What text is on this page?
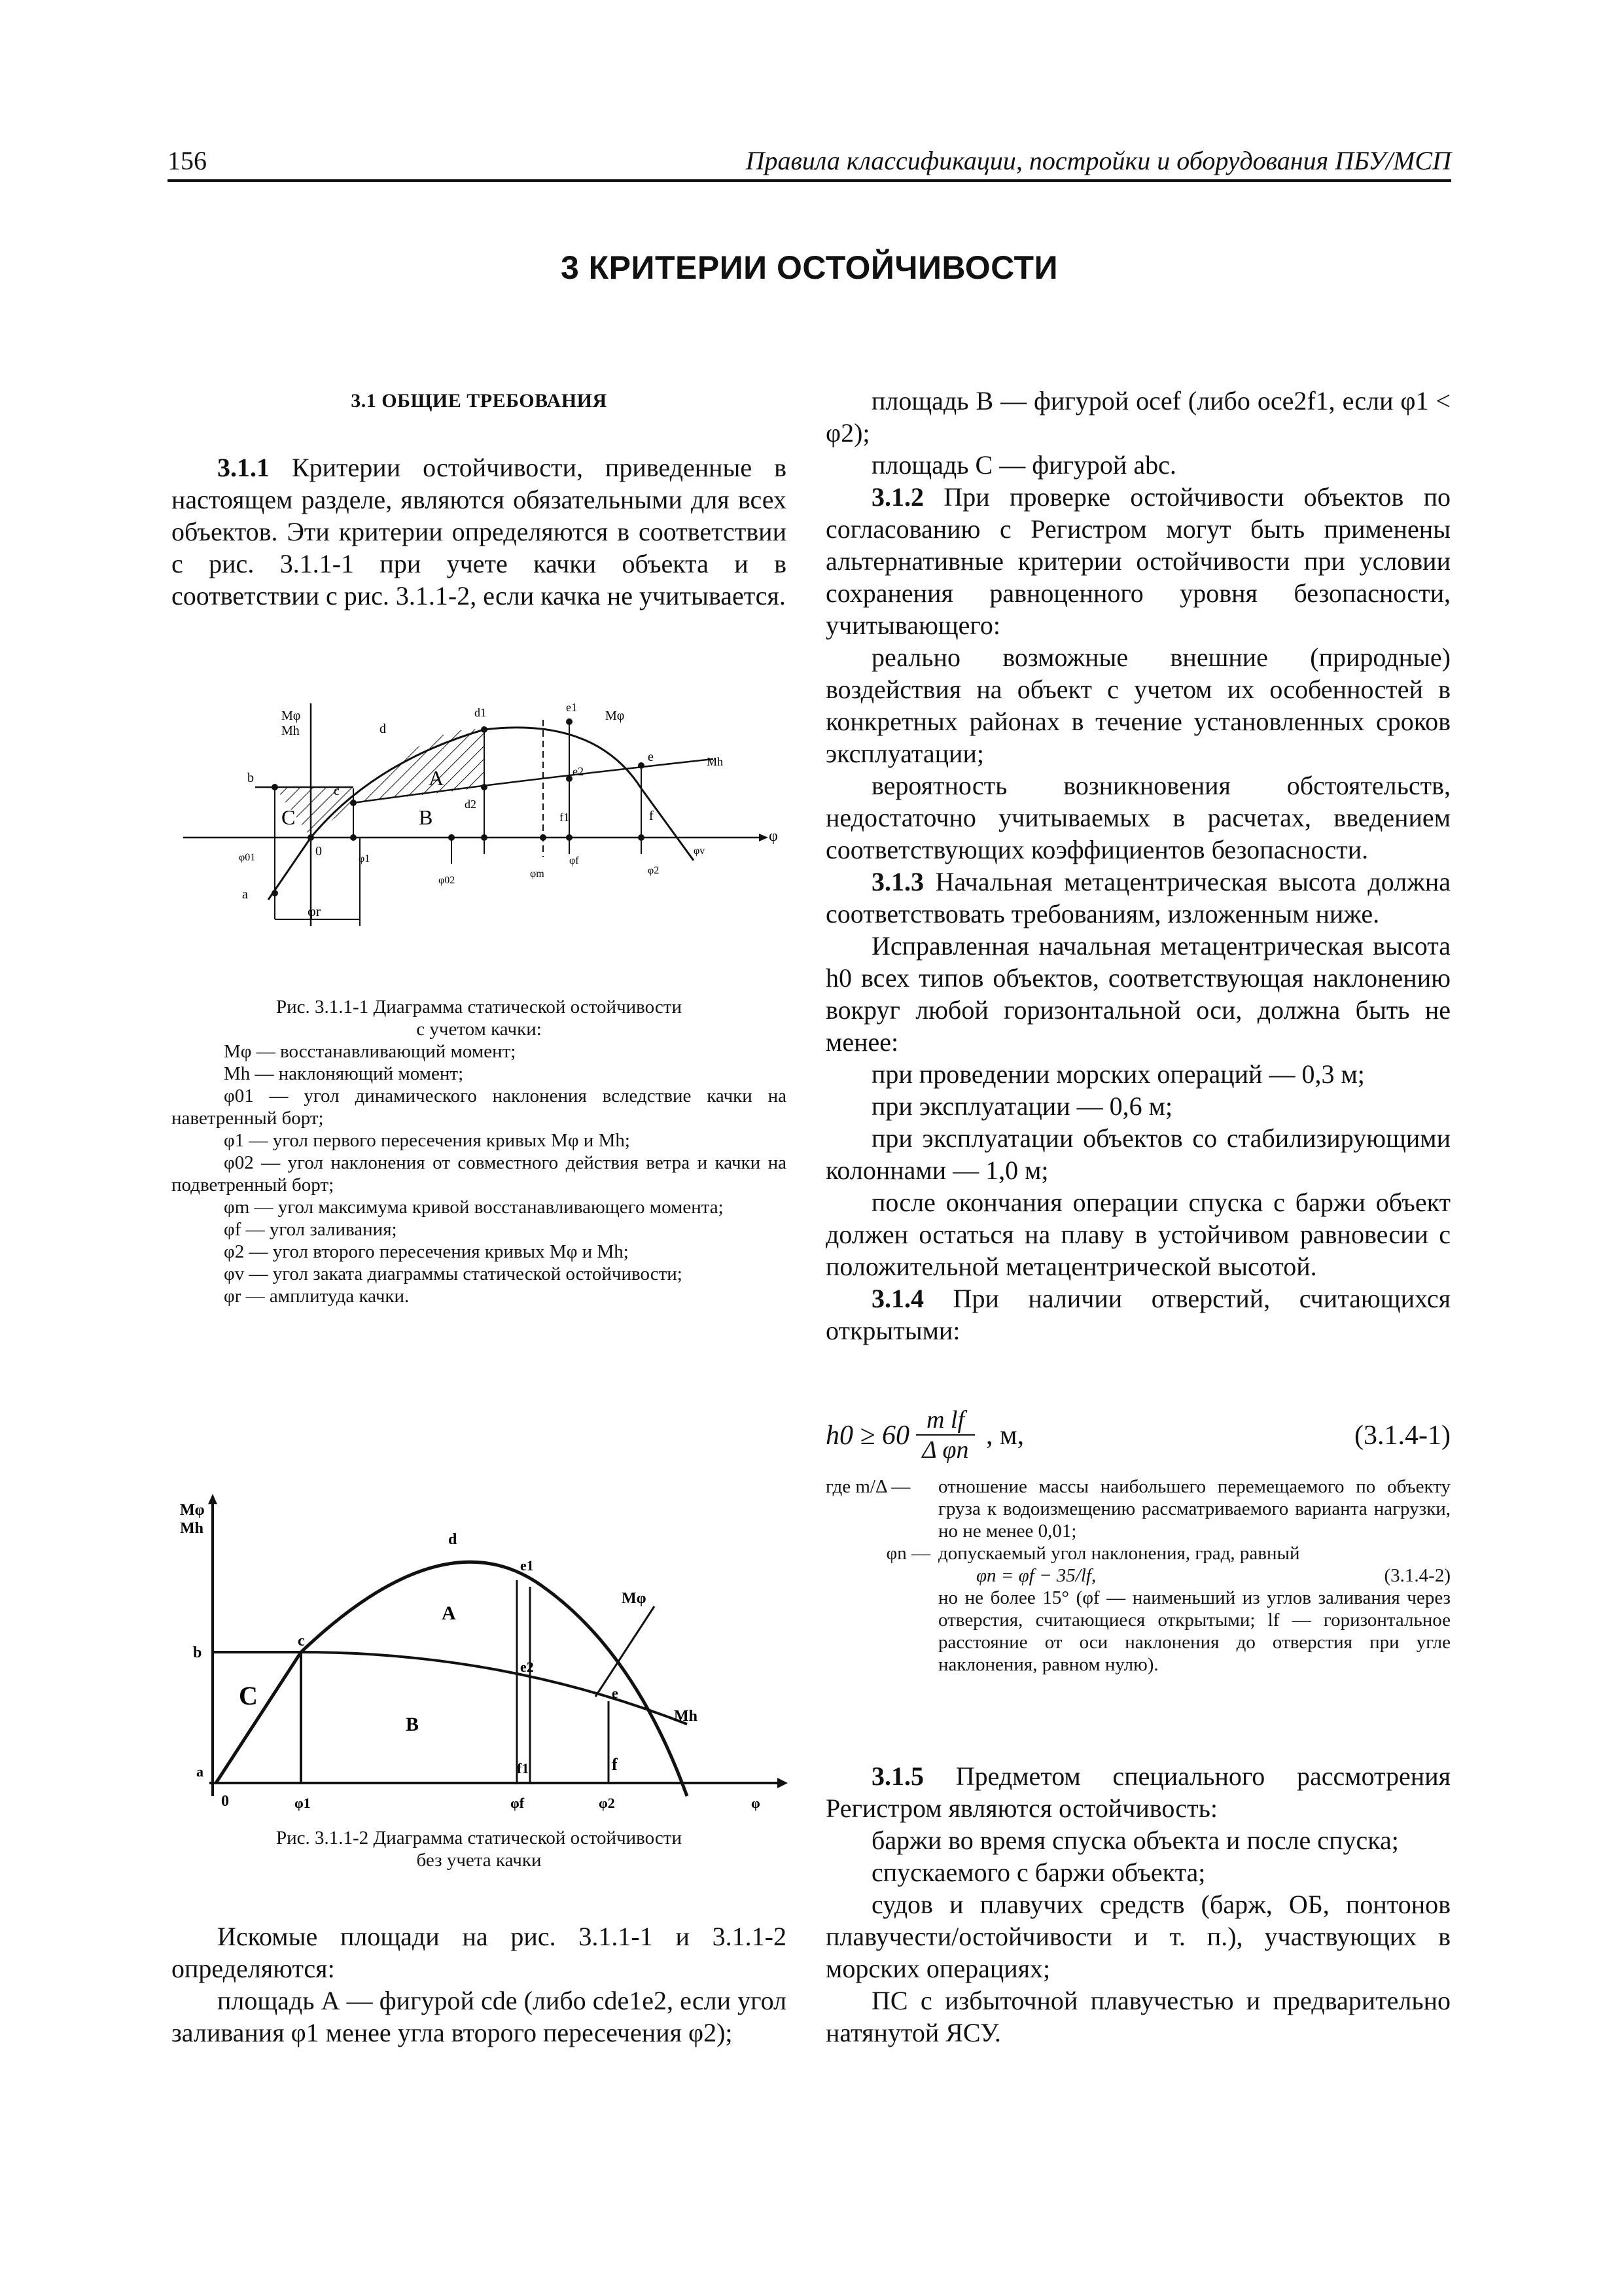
156	Правила классификации, постройки и оборудования ПБУ/МСП
3 КРИТЕРИИ ОСТОЙЧИВОСТИ
3.1 ОБЩИЕ ТРЕБОВАНИЯ

3.1.1 Критерии остойчивости, приведенные в настоящем разделе, являются обязательными для всех объектов. Эти критерии определяются в соответствии с рис. 3.1.1-1 при учете качки объекта и в соответствии с рис. 3.1.1-2, если качка не учитывается.

Mφ
Mh	d
d1	e1
Mφ
Mh
c
e
e2
b
C
A
B
d2
f1	f
φ
φ01	0
φ1
φ02
φm
φf
φ2
φv
a
φr

Рис. 3.1.1-1 Диаграмма статической остойчивости

с учетом качки:

Mφ — восстанавливающий момент;

Mh — наклоняющий момент;

φ01 — угол динамического наклонения вследствие качки на наветренный борт;

φ1 — угол первого пересечения кривых Mφ и Mh;

φ02 — угол наклонения от совместного действия ветра и качки на подветренный борт;

φm — угол максимума кривой восстанавливающего момента;

φf — угол заливания;

φ2 — угол второго пересечения кривых Mφ и Mh;

φv — угол заката диаграммы статической остойчивости;

φr — амплитуда качки.

Mφ
Mh
d
e1
A
Mφ
b
c
C
e2
e
Mh
B
a	f1	f
0	φ1	φf	φ2	φ

Рис. 3.1.1-2 Диаграмма статической остойчивости

без учета качки

Искомые площади на рис. 3.1.1-1 и 3.1.1-2 определяются:

площадь А — фигурой cde (либо cde1e2, если угол заливания φ1 менее угла второго пересечения φ2);

площадь В — фигурой ocef (либо oce2f1, если φ1 < φ2);

площадь С — фигурой abc.

3.1.2 При проверке остойчивости объектов по согласованию с Регистром могут быть применены альтернативные критерии остойчивости при условии сохранения равноценного уровня безопасности, учитывающего:

реально возможные внешние (природные) воздействия на объект с учетом их особенностей в конкретных районах в течение установленных сроков эксплуатации;

вероятность возникновения обстоятельств, недостаточно учитываемых в расчетах, введением соответствующих коэффициентов безопасности.

3.1.3 Начальная метацентрическая высота должна соответствовать требованиям, изложенным ниже.

Исправленная начальная метацентрическая высота h0 всех типов объектов, соответствующая наклонению вокруг любой горизонтальной оси, должна быть не менее:

при проведении морских операций — 0,3 м;

при эксплуатации — 0,6 м;

при эксплуатации объектов со стабилизирующими колоннами — 1,0 м;

после окончания операции спуска с баржи объект должен остаться на плаву в устойчивом равновесии с положительной метацентрической высотой.

3.1.4 При наличии отверстий, считающихся открытыми:

h0 ≥ 60
m lf
Δ φn , м,	(3.1.4-1)
где m/Δ —	отношение массы наибольшего перемещаемого по объекту груза к водоизмещению рассматриваемого варианта нагрузки, но не менее 0,01;
φn — допускаемый угол наклонения, град, равный
φn = φf − 35/lf,	(3.1.4-2)
но не более 15° (φf — наименьший из углов заливания через отверстия, считающиеся открытыми; lf — горизонтальное расстояние от оси наклонения до отверстия при угле наклонения, равном нулю).

3.1.5 Предметом специального рассмотрения Регистром являются остойчивость:

баржи во время спуска объекта и после спуска;

спускаемого с баржи объекта;

судов и плавучих средств (барж, ОБ, понтонов плавучести/остойчивости и т. п.), участвующих в морских операциях;

ПС с избыточной плавучестью и предварительно натянутой ЯСУ.
